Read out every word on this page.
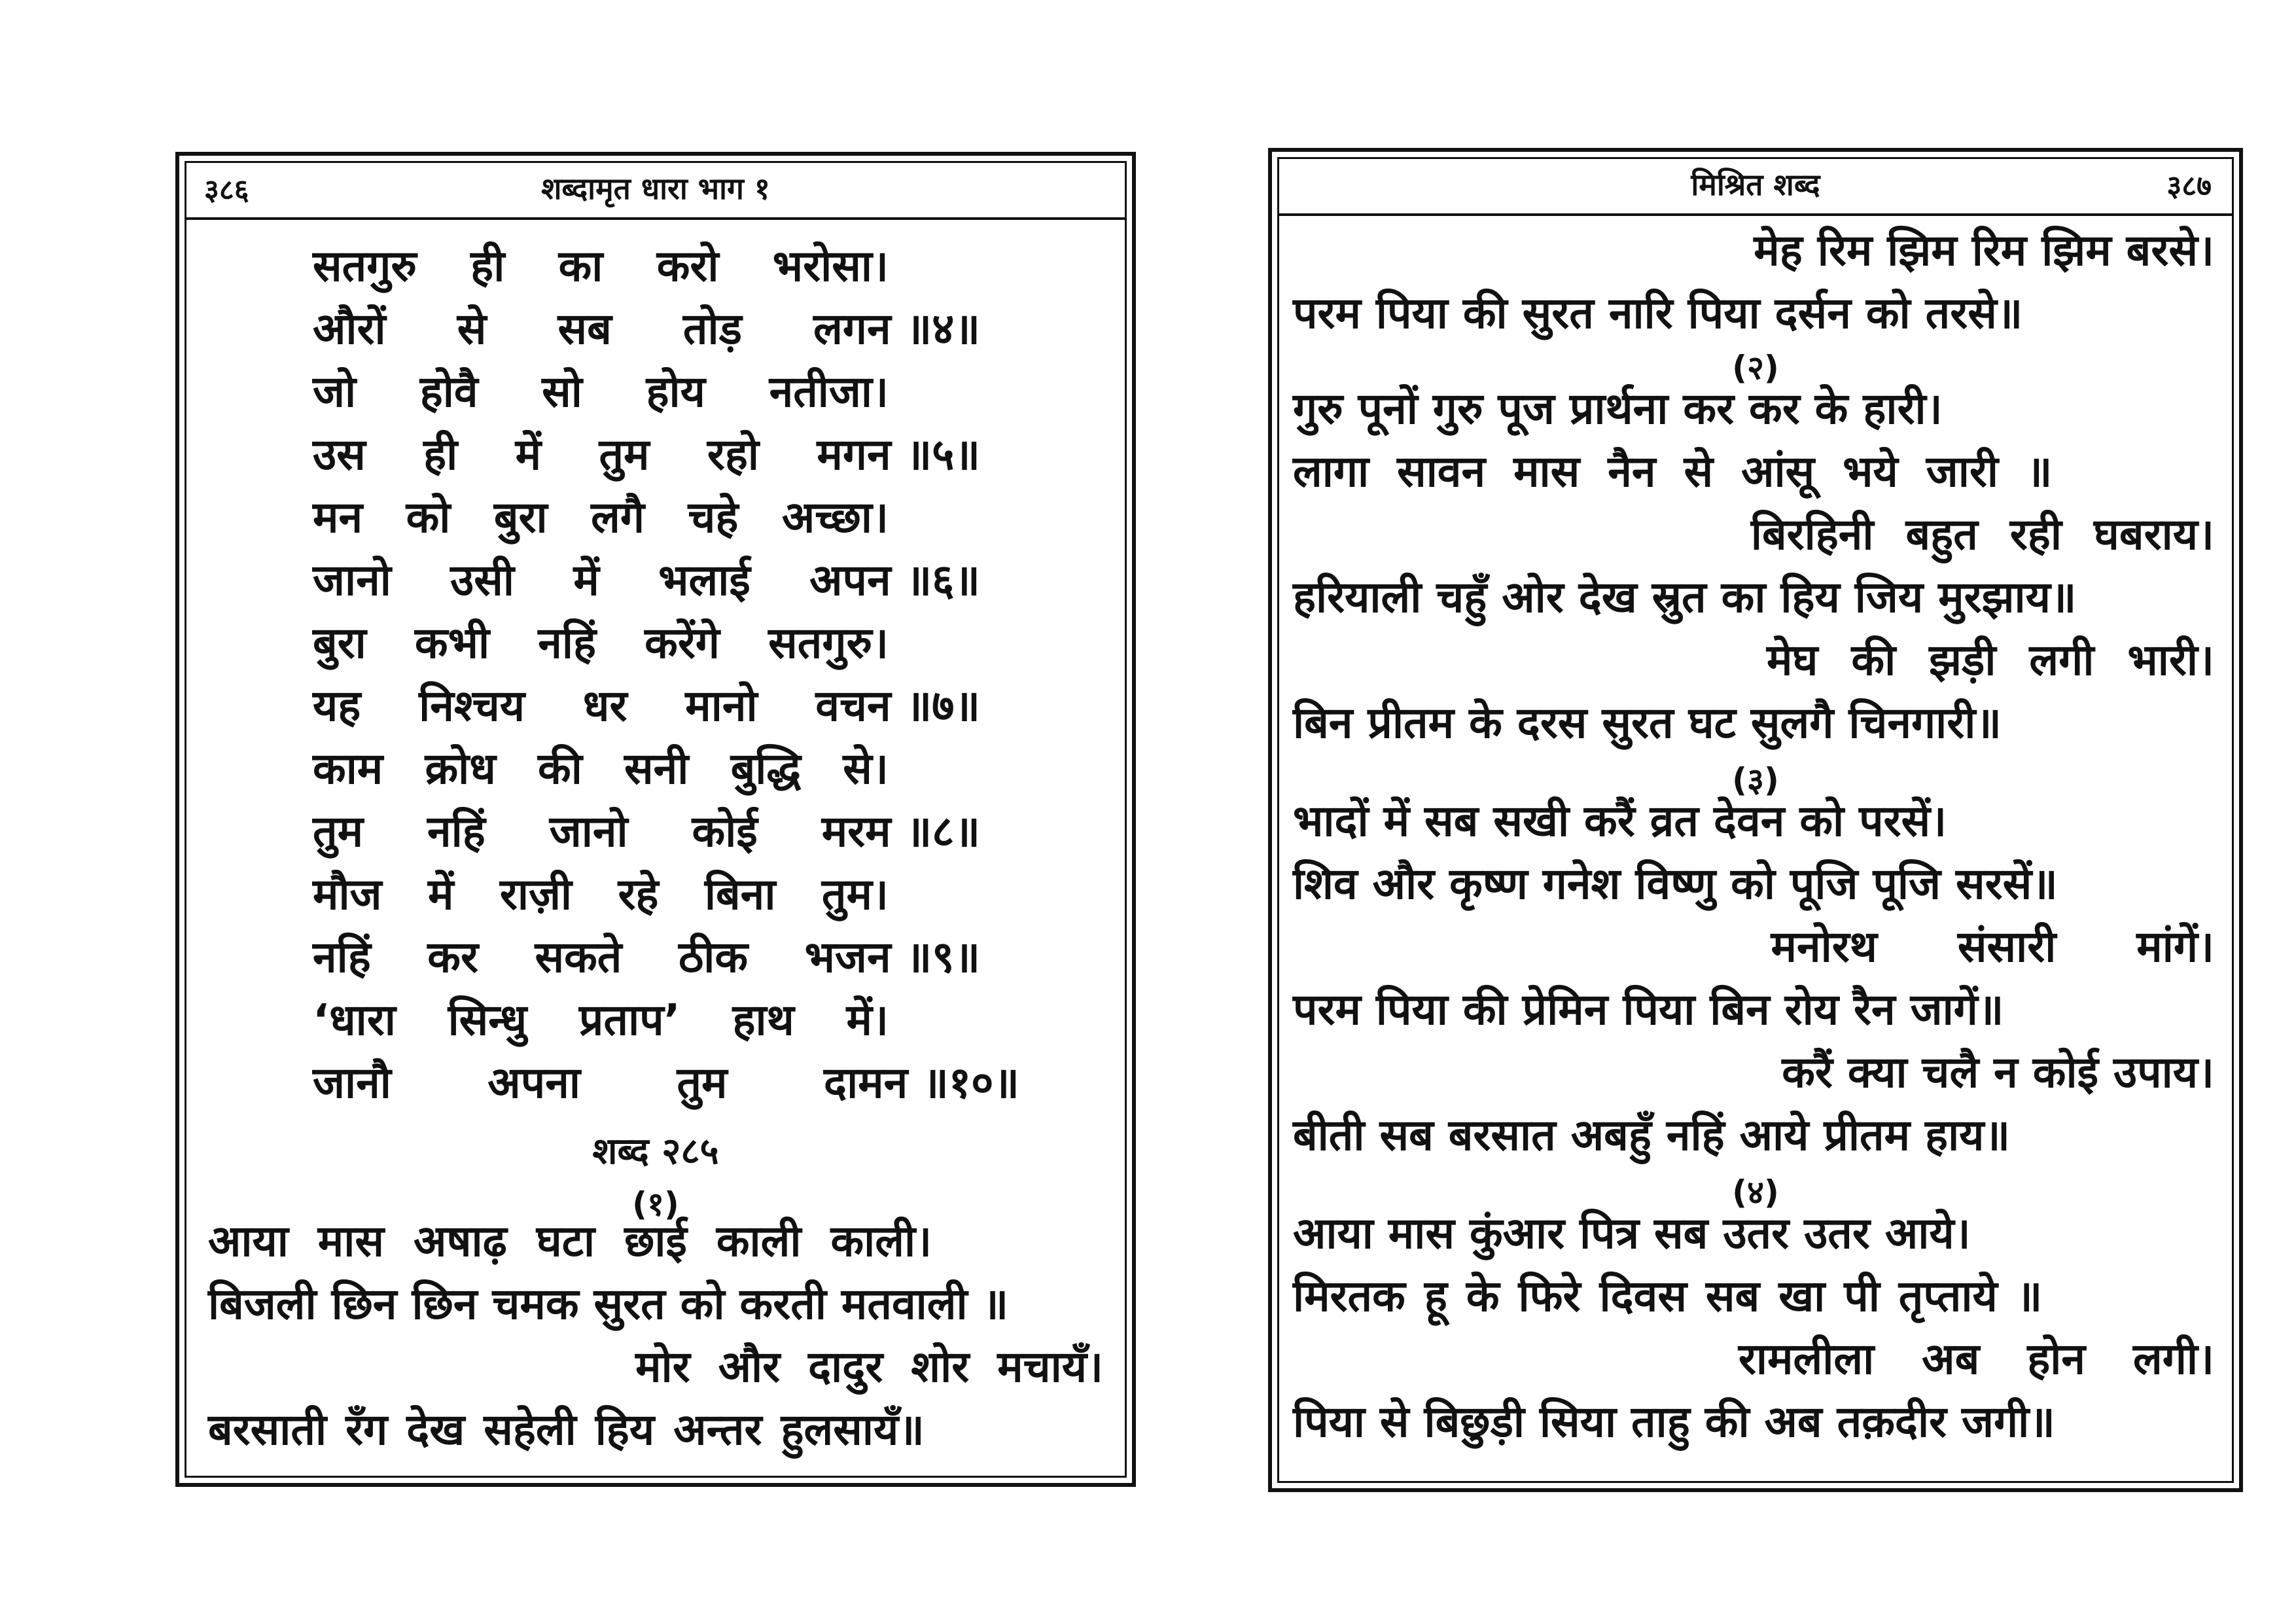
३८६	शब्दामृत धारा भाग १
सतगुरु ही का करो भरोसा।
औरों से सब तोड़ लगन ॥४॥
जो होवै सो होय नतीजा।
उस ही में तुम रहो मगन ॥५॥
मन को बुरा लगै चहे अच्छा।
जानो उसी में भलाई अपन ॥६॥
बुरा कभी नहिं करेंगे सतगुरु।
यह निश्चय धर मानो वचन ॥७॥
काम क्रोध की सनी बुद्धि से।
तुम नहिं जानो कोई मरम ॥८॥
मौज में राज़ी रहे बिना तुम।
नहिं कर सकते ठीक भजन ॥९॥
‘धारा सिन्धु प्रताप’ हाथ में।
जानौ अपना तुम दामन ॥१०॥
शब्द २८५
(१)
आया मास अषाढ़ घटा छाई काली काली।
बिजली छिन छिन चमक सुरत को करती मतवाली ॥
मोर और दादुर शोर मचायँ।
बरसाती रँग देख सहेली हिय अन्तर हुलसायँ॥
मिश्रित शब्द	३८७
मेह रिम झिम रिम झिम बरसे।
परम पिया की सुरत नारि पिया दर्सन को तरसे॥
(२)
गुरु पूनों गुरु पूज प्रार्थना कर कर के हारी।
लागा सावन मास नैन से आंसू भये जारी ॥
बिरहिनी बहुत रही घबराय।
हरियाली चहुँ ओर देख स्रुत का हिय जिय मुरझाय॥
मेघ की झड़ी लगी भारी।
बिन प्रीतम के दरस सुरत घट सुलगै चिनगारी॥
(३)
भादों में सब सखी करैं व्रत देवन को परसें।
शिव और कृष्ण गनेश विष्णु को पूजि पूजि सरसें॥
मनोरथ संसारी मांगें।
परम पिया की प्रेमिन पिया बिन रोय रैन जागें॥
करैं क्या चलै न कोई उपाय।
बीती सब बरसात अबहुँ नहिं आये प्रीतम हाय॥
(४)
आया मास कुंआर पित्र सब उतर उतर आये।
मिरतक हू के फिरे दिवस सब खा पी तृप्ताये ॥
रामलीला अब होन लगी।
पिया से बिछुड़ी सिया ताहु की अब तक़दीर जगी॥
